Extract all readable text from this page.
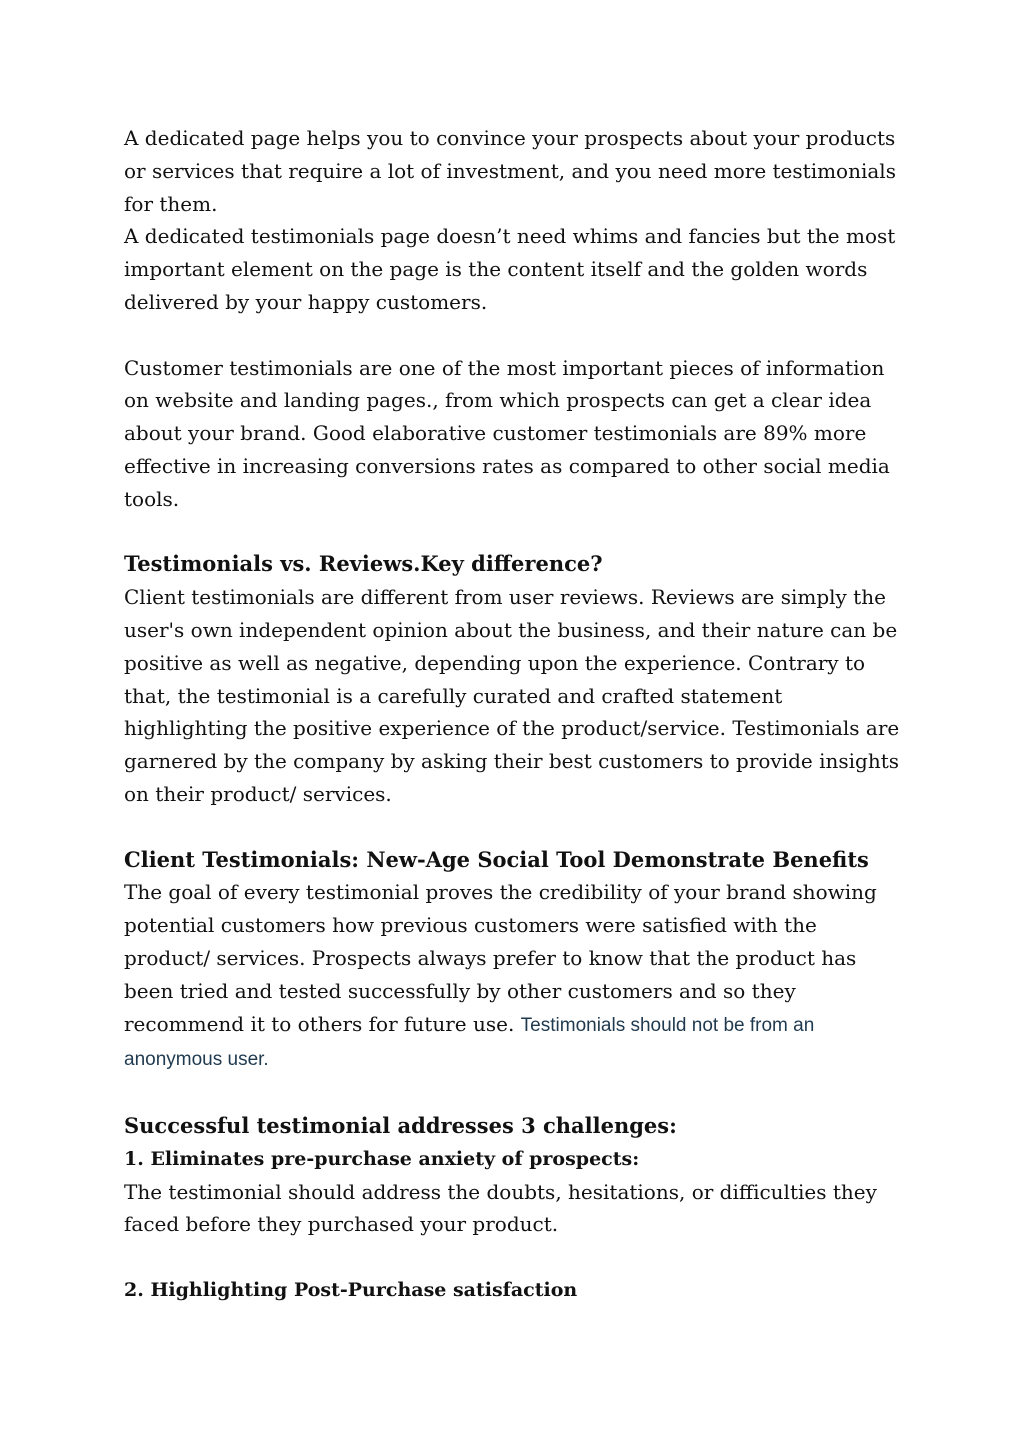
A dedicated page helps you to convince your prospects about your products or services that require a lot of investment, and you need more testimonials for them.

A dedicated testimonials page doesn’t need whims and fancies but the most important element on the page is the content itself and the golden words delivered by your happy customers.

Customer testimonials are one of the most important pieces of information on website and landing pages., from which prospects can get a clear idea about your brand. Good elaborative customer testimonials are 89% more effective in increasing conversions rates as compared to other social media tools.

Testimonials vs. Reviews.Key difference?

Client testimonials are different from user reviews. Reviews are simply the user's own independent opinion about the business, and their nature can be positive as well as negative, depending upon the experience. Contrary to that, the testimonial is a carefully curated and crafted statement highlighting the positive experience of the product/service. Testimonials are garnered by the company by asking their best customers to provide insights on their product/ services.

Client Testimonials: New-Age Social Tool Demonstrate Benefits

The goal of every testimonial proves the credibility of your brand showing potential customers how previous customers were satisfied with the product/ services. Prospects always prefer to know that the product has been tried and tested successfully by other customers and so they recommend it to others for future use. Testimonials should not be from an anonymous user.

Successful testimonial addresses 3 challenges:

1. Eliminates pre-purchase anxiety of prospects:

The testimonial should address the doubts, hesitations, or difficulties they faced before they purchased your product.

2. Highlighting Post-Purchase satisfaction
